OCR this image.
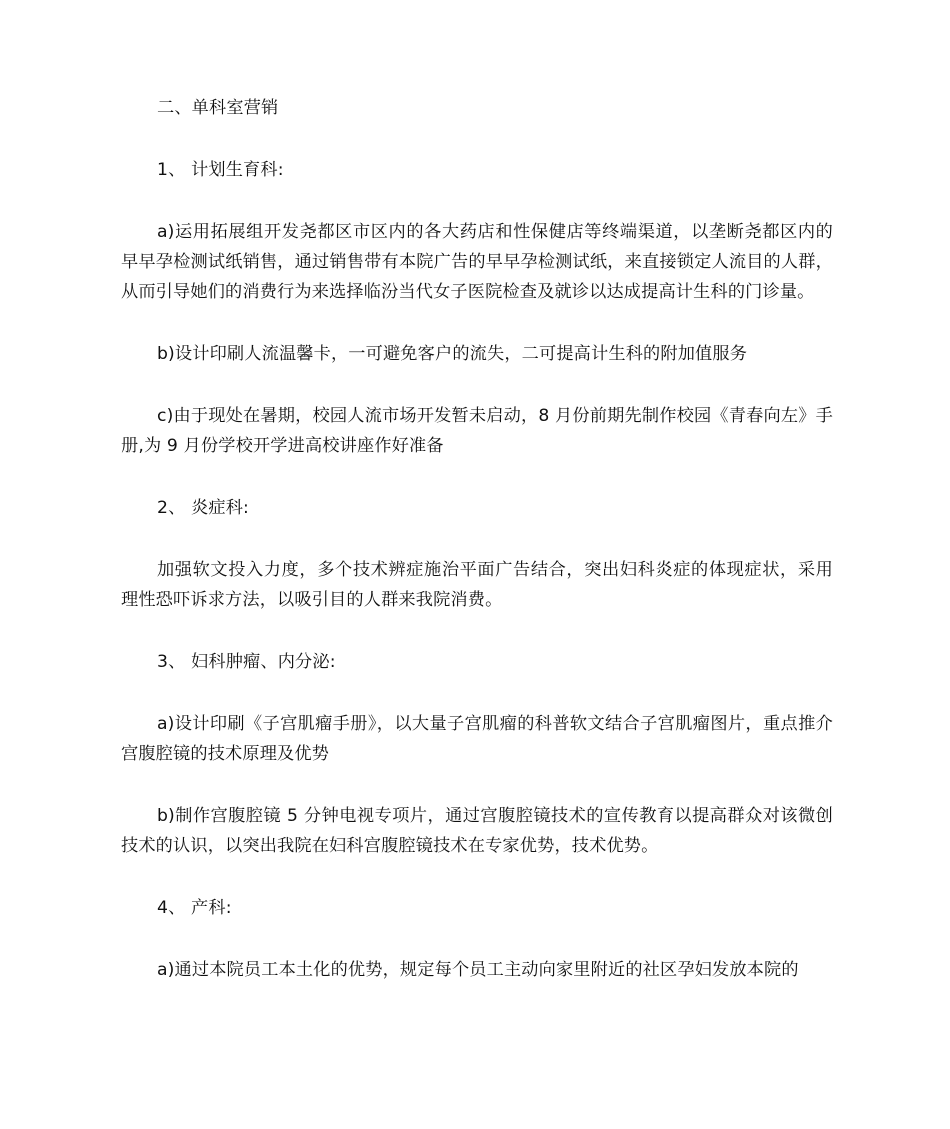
二、单科室营销

1、 计划生育科:

a)运用拓展组开发尧都区市区内的各大药店和性保健店等终端渠道，以垄断尧都区内的早早孕检测试纸销售，通过销售带有本院广告的早早孕检测试纸，来直接锁定人流目的人群，从而引导她们的消费行为来选择临汾当代女子医院检查及就诊以达成提高计生科的门诊量。

b)设计印刷人流温馨卡，一可避免客户的流失，二可提高计生科的附加值服务

c)由于现处在暑期，校园人流市场开发暂未启动，8 月份前期先制作校园《青春向左》手册,为 9 月份学校开学进高校讲座作好准备

2、 炎症科:

加强软文投入力度，多个技术辨症施治平面广告结合，突出妇科炎症的体现症状，采用理性恐吓诉求方法，以吸引目的人群来我院消费。

3、 妇科肿瘤、内分泌:

a)设计印刷《子宫肌瘤手册》，以大量子宫肌瘤的科普软文结合子宫肌瘤图片，重点推介宫腹腔镜的技术原理及优势

b)制作宫腹腔镜 5 分钟电视专项片，通过宫腹腔镜技术的宣传教育以提高群众对该微创技术的认识，以突出我院在妇科宫腹腔镜技术在专家优势，技术优势。

4、 产科:

a)通过本院员工本土化的优势，规定每个员工主动向家里附近的社区孕妇发放本院的
